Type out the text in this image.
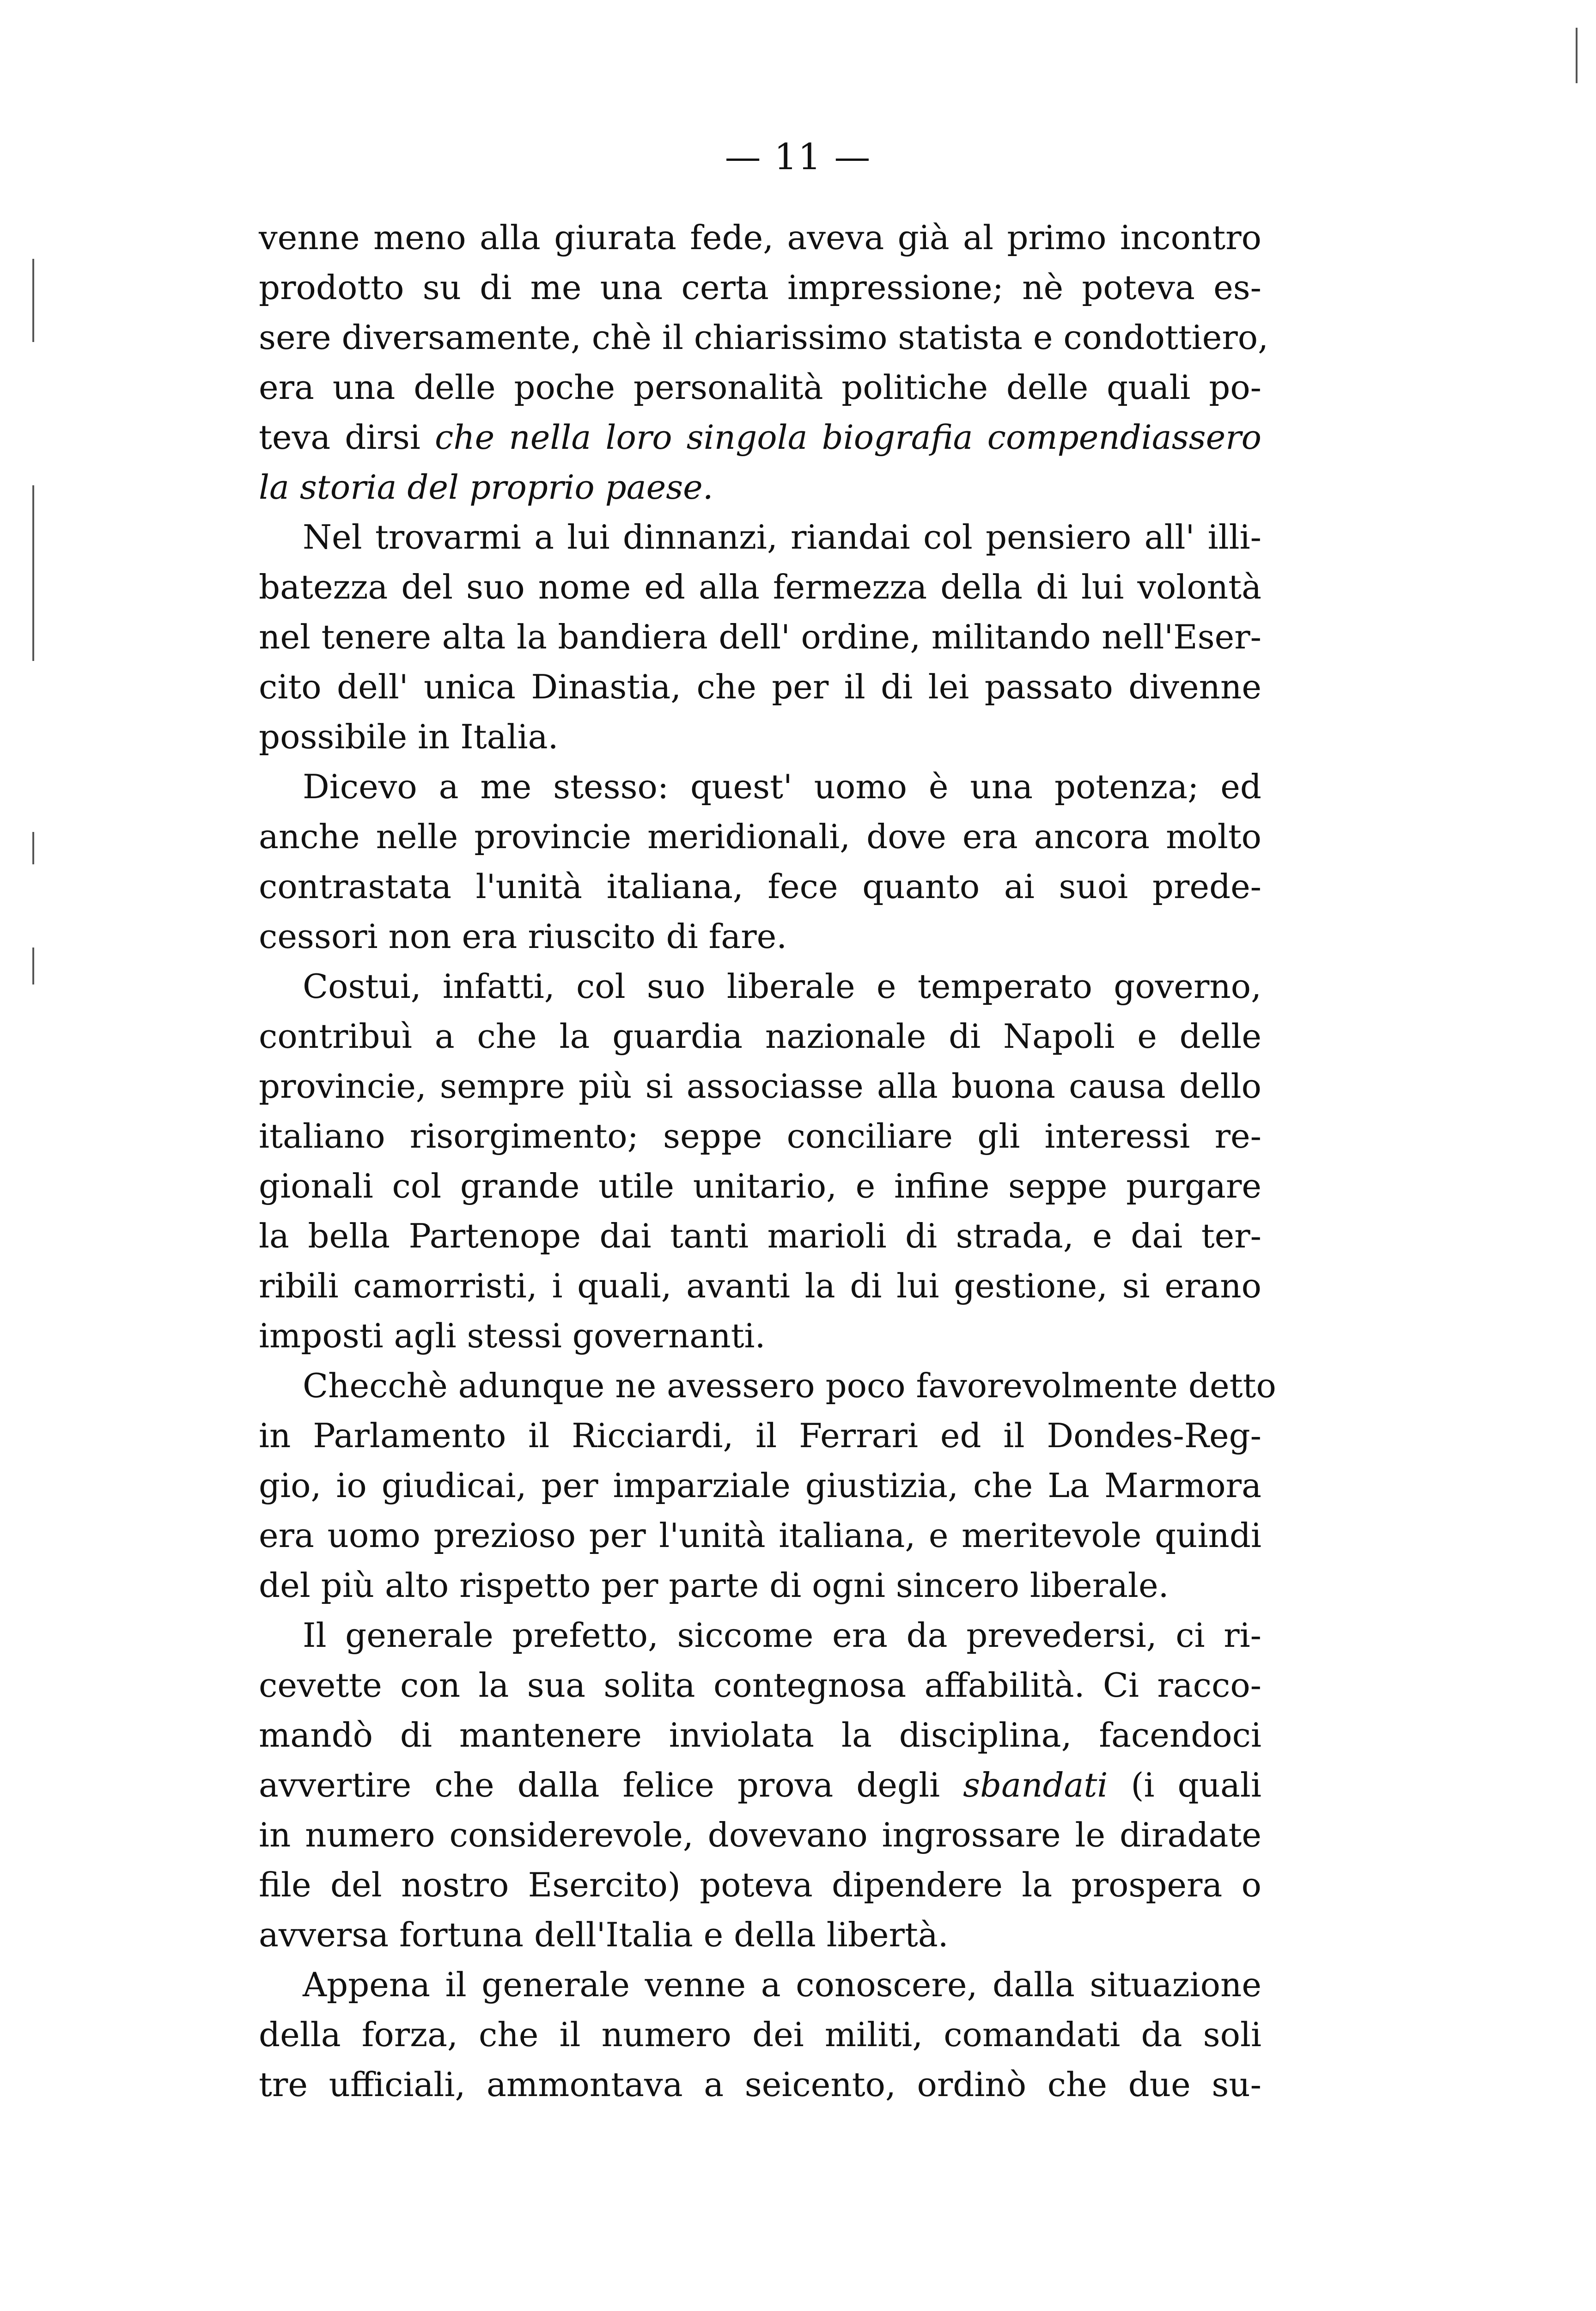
— 11 —
venne meno alla giurata fede, aveva già al primo incontro
prodotto su di me una certa impressione; nè poteva es-
sere diversamente, chè il chiarissimo statista e condottiero,
era una delle poche personalità politiche delle quali po-
teva dirsi che nella loro singola biografia compendiassero
la storia del proprio paese.
Nel trovarmi a lui dinnanzi, riandai col pensiero all' illi-
batezza del suo nome ed alla fermezza della di lui volontà
nel tenere alta la bandiera dell' ordine, militando nell'Eser-
cito dell' unica Dinastia, che per il di lei passato divenne
possibile in Italia.
Dicevo a me stesso: quest' uomo è una potenza; ed
anche nelle provincie meridionali, dove era ancora molto
contrastata l'unità italiana, fece quanto ai suoi prede-
cessori non era riuscito di fare.
Costui, infatti, col suo liberale e temperato governo,
contribuì a che la guardia nazionale di Napoli e delle
provincie, sempre più si associasse alla buona causa dello
italiano risorgimento; seppe conciliare gli interessi re-
gionali col grande utile unitario, e infine seppe purgare
la bella Partenope dai tanti marioli di strada, e dai ter-
ribili camorristi, i quali, avanti la di lui gestione, si erano
imposti agli stessi governanti.
Checchè adunque ne avessero poco favorevolmente detto
in Parlamento il Ricciardi, il Ferrari ed il Dondes-Reg-
gio, io giudicai, per imparziale giustizia, che La Marmora
era uomo prezioso per l'unità italiana, e meritevole quindi
del più alto rispetto per parte di ogni sincero liberale.
Il generale prefetto, siccome era da prevedersi, ci ri-
cevette con la sua solita contegnosa affabilità. Ci racco-
mandò di mantenere inviolata la disciplina, facendoci
avvertire che dalla felice prova degli sbandati (i quali
in numero considerevole, dovevano ingrossare le diradate
file del nostro Esercito) poteva dipendere la prospera o
avversa fortuna dell'Italia e della libertà.
Appena il generale venne a conoscere, dalla situazione
della forza, che il numero dei militi, comandati da soli
tre ufficiali, ammontava a seicento, ordinò che due su-
